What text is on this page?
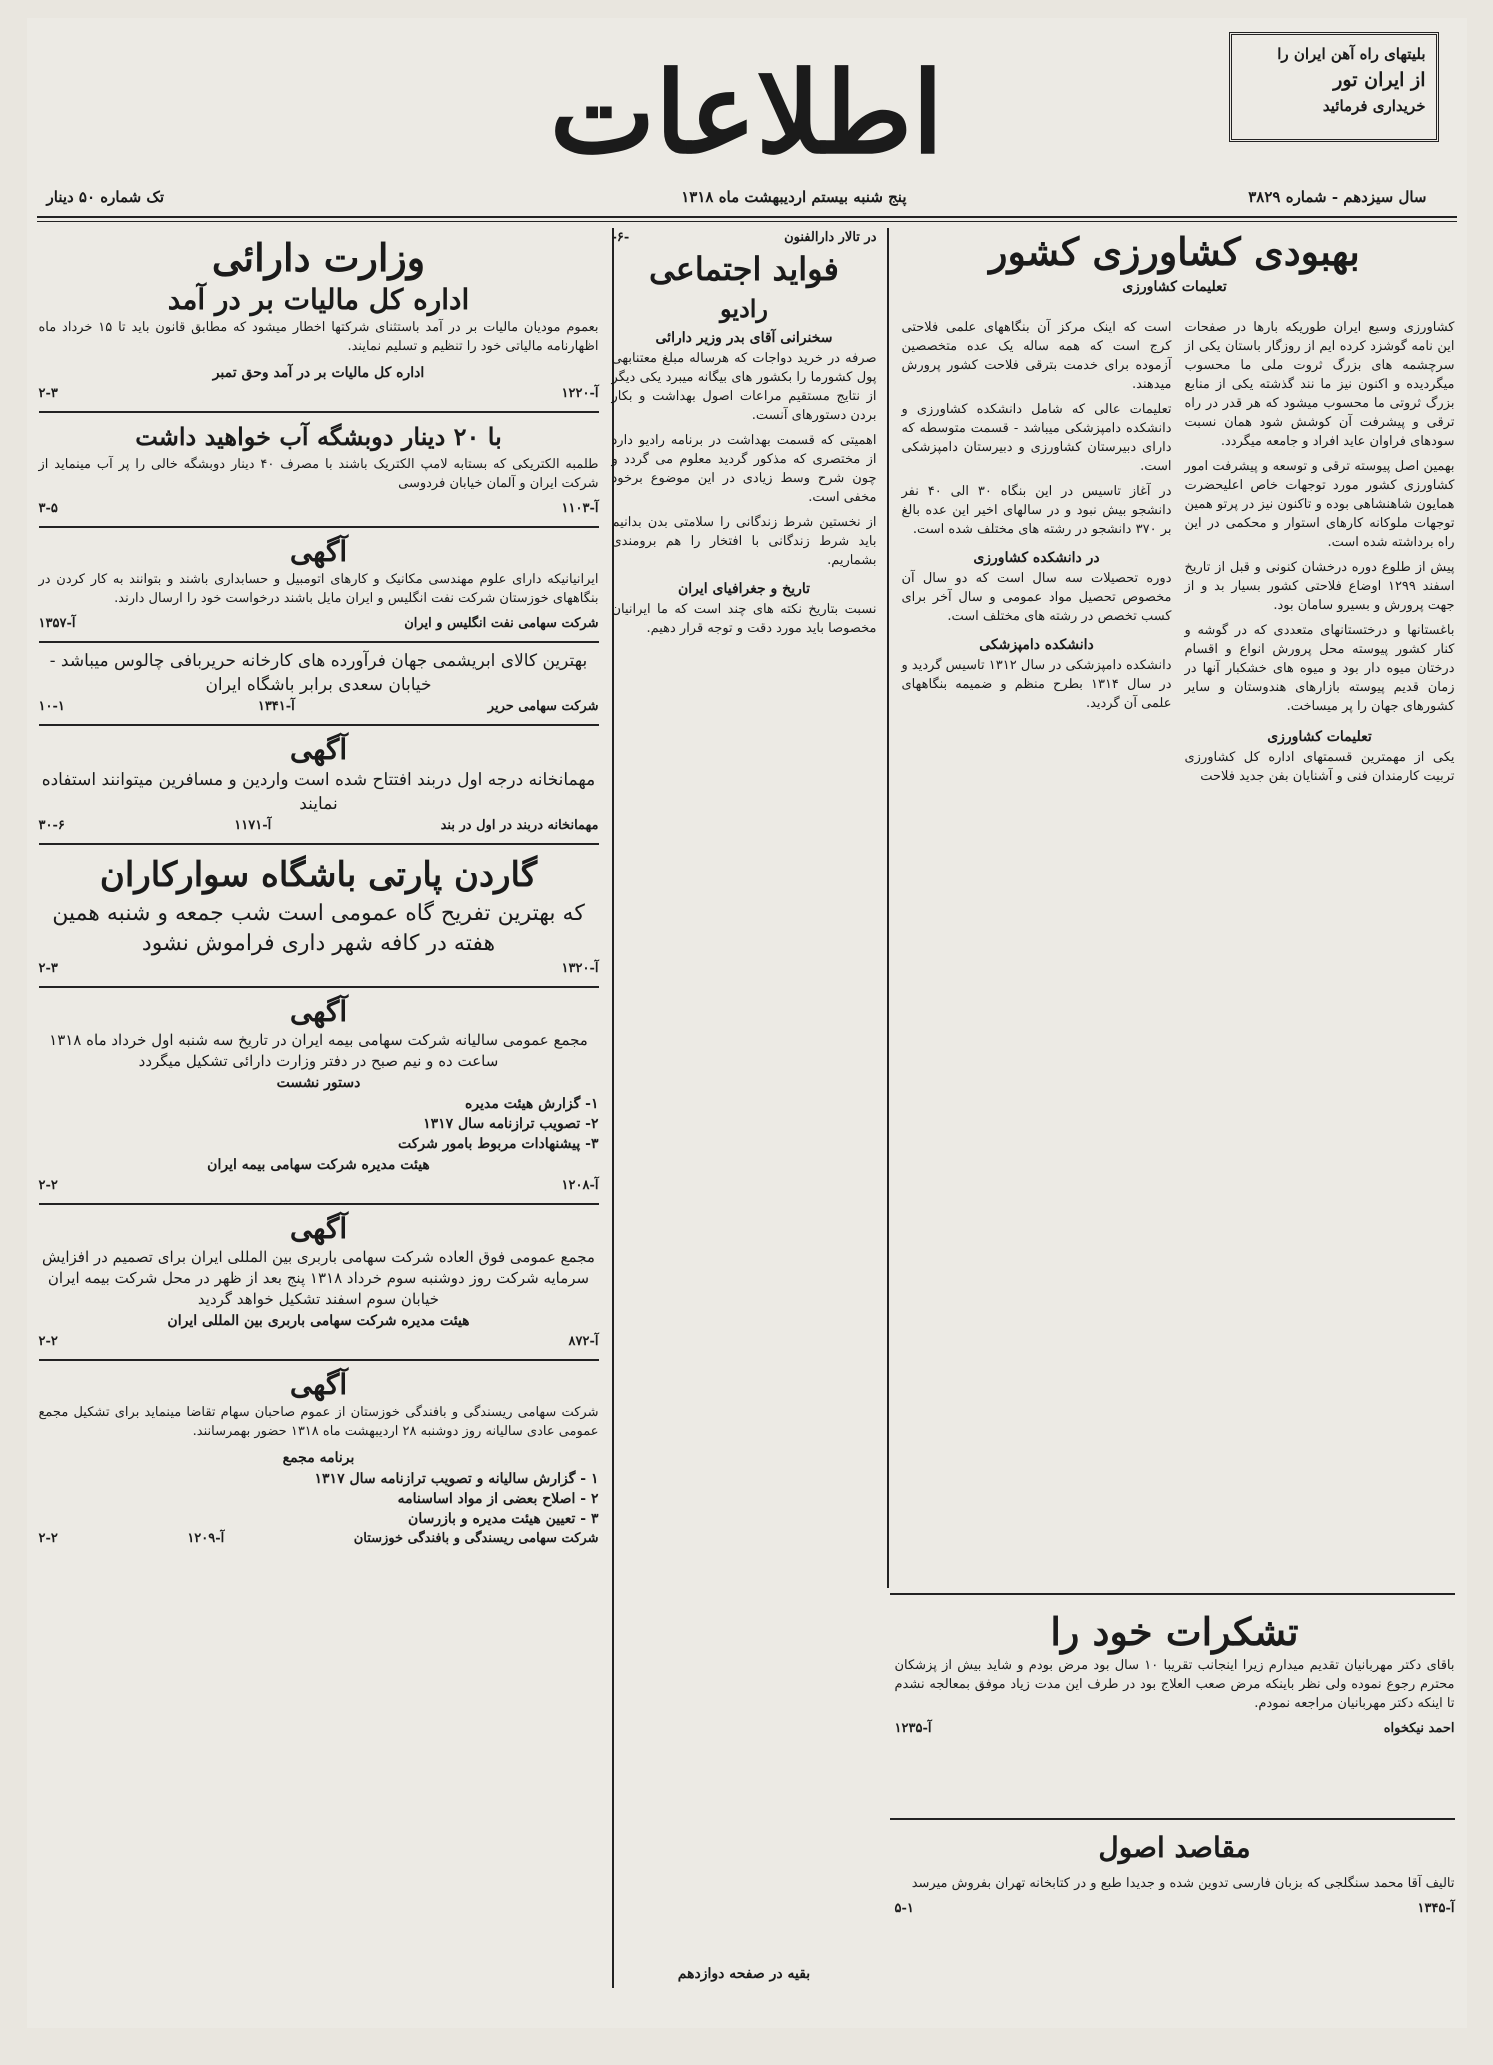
بلیتهای راه آهن ایران را
از ایران تور
خریداری فرمائید
اطلاعات
سال سیزدهم - شماره ۳۸۲۹
پنج شنبه بیستم اردیبهشت ماه ۱۳۱۸
تک شماره ۵۰ دینار
بهبودی کشاورزی کشور
تعلیمات کشاورزی

کشاورزی وسیع ایران طوریکه بارها در صفحات این نامه گوشزد کرده ایم از روزگار باستان یکی از سرچشمه های بزرگ ثروت ملی ما محسوب میگردیده و اکنون نیز ما نند گذشته یکی از منابع بزرگ ثروتی ما محسوب میشود که هر قدر در راه ترقی و پیشرفت آن کوشش شود همان نسبت سودهای فراوان عاید افراد و جامعه میگردد.

بهمین اصل پیوسته ترقی و توسعه و پیشرفت امور کشاورزی کشور مورد توجهات خاص اعلیحضرت همایون شاهنشاهی بوده و تاکنون نیز در پرتو همین توجهات ملوکانه کارهای استوار و محکمی در این راه برداشته شده است.

پیش از طلوع دوره درخشان کنونی و قبل از تاریخ اسفند ۱۲۹۹ اوضاع فلاحتی کشور بسیار بد و از جهت پرورش و بسیرو سامان بود.

باغستانها و درختستانهای متعددی که در گوشه و کنار کشور پیوسته محل پرورش انواع و اقسام درختان میوه دار بود و میوه های خشکبار آنها در زمان قدیم پیوسته بازارهای هندوستان و سایر کشورهای جهان را پر میساخت.

تعلیمات کشاورزی

یکی از مهمترین قسمتهای اداره کل کشاورزی تربیت کارمندان فنی و آشنایان بفن جدید فلاحت

است که اینک مرکز آن بنگاههای علمی فلاحتی کرج است که همه ساله یک عده متخصصین آزموده برای خدمت بترقی فلاحت کشور پرورش میدهند.

تعلیمات عالی که شامل دانشکده کشاورزی و دانشکده دامپزشکی میباشد - قسمت متوسطه که دارای دبیرستان کشاورزی و دبیرستان دامپزشکی است.

در آغاز تاسیس در این بنگاه ۳۰ الی ۴۰ نفر دانشجو بیش نبود و در سالهای اخیر این عده بالغ بر ۳۷۰ دانشجو در رشته های مختلف شده است.

در دانشکده کشاورزی

دوره تحصیلات سه سال است که دو سال آن مخصوص تحصیل مواد عمومی و سال آخر برای کسب تخصص در رشته های مختلف است.

دانشکده دامپزشکی

دانشکده دامپزشکی در سال ۱۳۱۲ تاسیس گردید و در سال ۱۳۱۴ بطرح منظم و ضمیمه بنگاههای علمی آن گردید.

تشکرات خود را

باقای دکتر مهربانیان تقدیم میدارم زیرا اینجانب تقریبا ۱۰ سال بود مرض بودم و شاید بیش از پزشکان محترم رجوع نموده ولی نظر باینکه مرض صعب العلاج بود در طرف این مدت زیاد موفق بمعالجه نشدم تا اینکه دکتر مهربانیان مراجعه نمودم.

احمد نیکخواه
آ-۱۲۳۵
مقاصد اصول

تالیف آقا محمد سنگلجی که بزبان فارسی تدوین شده و جدیدا طبع و در کتابخانه تهران بفروش میرسد

آ-۱۳۴۵
۵-۱
در تالار دارالفنون
-۶-
فواید اجتماعی
رادیو
سخنرانی آقای بدر وزیر دارائی

صرفه در خرید دواجات که هرساله مبلغ معتنابهی پول کشورما را بکشور های بیگانه میبرد یکی دیگر از نتایج مستقیم مراعات اصول بهداشت و بکار بردن دستورهای آنست.

اهمیتی که قسمت بهداشت در برنامه رادیو دارد از مختصری که مذکور گردید معلوم می گردد و چون شرح وسط زیادی در این موضوع برخود مخفی است.

از نخستین شرط زندگانی را سلامتی بدن بدانیم باید شرط زندگانی با افتخار را هم برومندی بشماریم.

تاریخ و جغرافیای ایران

نسبت بتاریخ نکته های چند است که ما ایرانیان مخصوصا باید مورد دقت و توجه قرار دهیم.

بقیه در صفحه دوازدهم
وزارت دارائی
اداره کل مالیات بر در آمد

بعموم مودیان مالیات بر در آمد باستثنای شرکتها اخطار میشود که مطابق قانون باید تا ۱۵ خرداد ماه اظهارنامه مالیاتی خود را تنظیم و تسلیم نمایند.

اداره کل مالیات بر در آمد وحق تمبر
آ-۱۲۲۰
۲-۳
با ۲۰ دینار دوبشگه آب خواهید داشت

طلمبه الکتریکی که بستابه لامپ الکتریک باشند با مصرف ۴۰ دینار دوبشگه خالی را پر آب مینماید از شرکت ایران و آلمان خیابان فردوسی

آ-۱۱۰۳
۳-۵
آگهی

ایرانیانیکه دارای علوم مهندسی مکانیک و کارهای اتومبیل و حسابداری باشند و بتوانند به کار کردن در بنگاههای خوزستان شرکت نفت انگلیس و ایران مایل باشند درخواست خود را ارسال دارند.

شرکت سهامی نفت انگلیس و ایران
آ-۱۳۵۷
بهترین کالای ابریشمی جهان فرآورده های کارخانه حریربافی چالوس میباشد - خیابان سعدی برابر باشگاه ایران
شرکت سهامی حریر
آ-۱۳۴۱
۱۰-۱
آگهی
مهمانخانه درجه اول دربند افتتاح شده است واردین و مسافرین میتوانند استفاده نمایند
مهمانخانه دربند در اول در بند
آ-۱۱۷۱
۳۰-۶
گاردن پارتی باشگاه سوارکاران
که بهترین تفریح گاه عمومی است شب جمعه و شنبه همین هفته در کافه شهر داری فراموش نشود
آ-۱۳۲۰
۲-۳
آگهی
مجمع عمومی سالیانه شرکت سهامی بیمه ایران در تاریخ سه شنبه اول خرداد ماه ۱۳۱۸ ساعت ده و نیم صبح در دفتر وزارت دارائی تشکیل میگردد
دستور نشست
۱- گزارش هیئت مدیره
۲- تصویب ترازنامه سال ۱۳۱۷
۳- پیشنهادات مربوط بامور شرکت
هیئت مدیره شرکت سهامی بیمه ایران
آ-۱۲۰۸
۲-۲
آگهی
مجمع عمومی فوق العاده شرکت سهامی باربری بین المللی ایران برای تصمیم در افزایش سرمایه شرکت روز دوشنبه سوم خرداد ۱۳۱۸ پنج بعد از ظهر در محل شرکت بیمه ایران خیابان سوم اسفند تشکیل خواهد گردید
هیئت مدیره شرکت سهامی باربری بین المللی ایران
آ-۸۷۲
۲-۲
آگهی

شرکت سهامی ریسندگی و بافندگی خوزستان از عموم صاحبان سهام تقاضا مینماید برای تشکیل مجمع عمومی عادی سالیانه روز دوشنبه ۲۸ اردیبهشت ماه ۱۳۱۸ حضور بهمرسانند.

برنامه مجمع
۱ - گزارش سالیانه و تصویب ترازنامه سال ۱۳۱۷
۲ - اصلاح بعضی از مواد اساسنامه
۳ - تعیین هیئت مدیره و بازرسان
شرکت سهامی ریسندگی و بافندگی خوزستان
آ-۱۲۰۹
۲-۲
